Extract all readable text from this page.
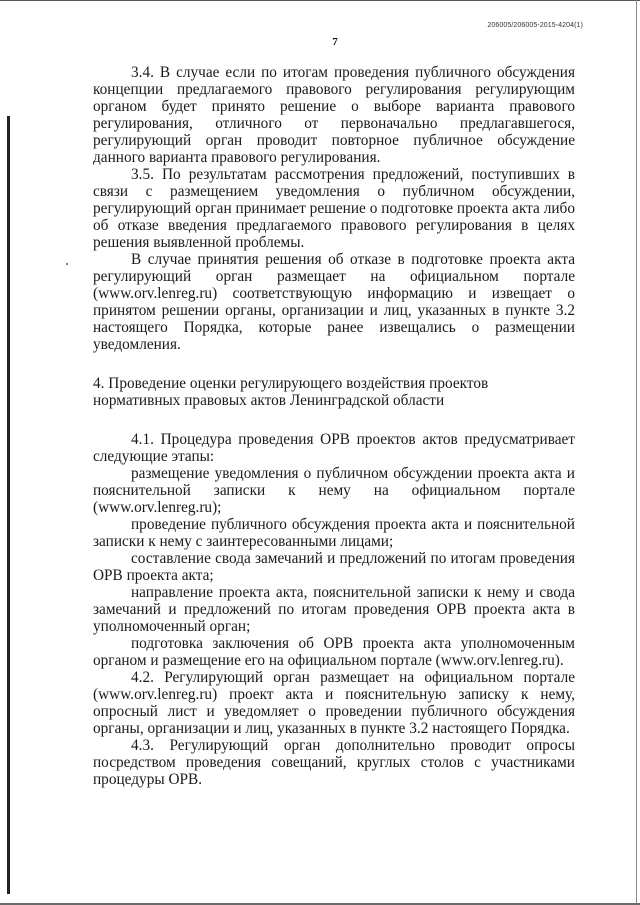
206005/206005-2015-4204(1)
7

3.4. В случае если по итогам проведения публичного обсуждения концепции предлагаемого правового регулирования регулирующим органом будет принято решение о выборе варианта правового регулирования, отличного от первоначально предлагавшегося, регулирующий орган проводит повторное публичное обсуждение данного варианта правового регулирования.

3.5. По результатам рассмотрения предложений, поступивших в связи с размещением уведомления о публичном обсуждении, регулирующий орган принимает решение о подготовке проекта акта либо об отказе введения предлагаемого правового регулирования в целях решения выявленной проблемы.

В случае принятия решения об отказе в подготовке проекта акта регулирующий орган размещает на официальном портале (www.orv.lenreg.ru) соответствующую информацию и извещает о принятом решении органы, организации и лиц, указанных в пункте 3.2 настоящего Порядка, которые ранее извещались о размещении уведомления.

4. Проведение оценки регулирующего воздействия проектов
нормативных правовых актов Ленинградской области

4.1. Процедура проведения ОРВ проектов актов предусматривает следующие этапы:

размещение уведомления о публичном обсуждении проекта акта и пояснительной записки к нему на официальном портале (www.orv.lenreg.ru);

проведение публичного обсуждения проекта акта и пояснительной записки к нему с заинтересованными лицами;

составление свода замечаний и предложений по итогам проведения ОРВ проекта акта;

направление проекта акта, пояснительной записки к нему и свода замечаний и предложений по итогам проведения ОРВ проекта акта в уполномоченный орган;

подготовка заключения об ОРВ проекта акта уполномоченным органом и размещение его на официальном портале (www.orv.lenreg.ru).

4.2. Регулирующий орган размещает на официальном портале (www.orv.lenreg.ru) проект акта и пояснительную записку к нему, опросный лист и уведомляет о проведении публичного обсуждения органы, организации и лиц, указанных в пункте 3.2 настоящего Порядка.

4.3. Регулирующий орган дополнительно проводит опросы посредством проведения совещаний, круглых столов с участниками процедуры ОРВ.
